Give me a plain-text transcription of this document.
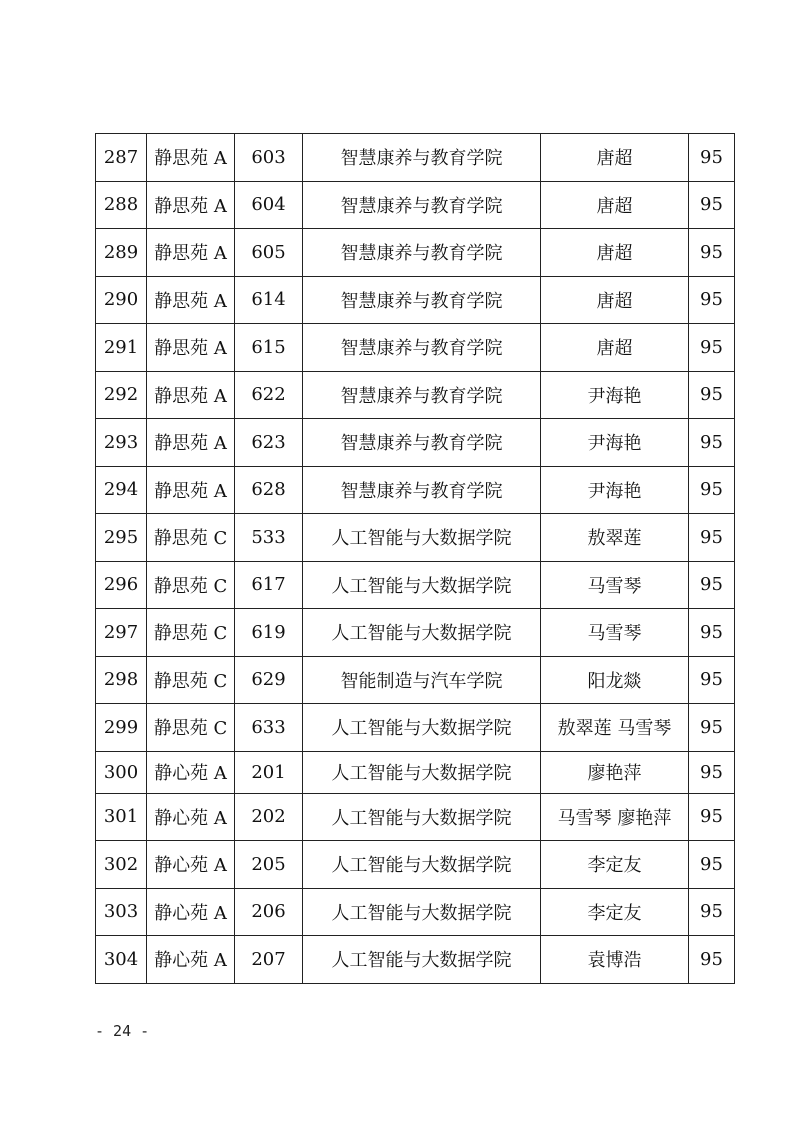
287	静思苑 A	603	智慧康养与教育学院	唐超	95
288	静思苑 A	604	智慧康养与教育学院	唐超	95
289	静思苑 A	605	智慧康养与教育学院	唐超	95
290	静思苑 A	614	智慧康养与教育学院	唐超	95
291	静思苑 A	615	智慧康养与教育学院	唐超	95
292	静思苑 A	622	智慧康养与教育学院	尹海艳	95
293	静思苑 A	623	智慧康养与教育学院	尹海艳	95
294	静思苑 A	628	智慧康养与教育学院	尹海艳	95
295	静思苑 C	533	人工智能与大数据学院	敖翠莲	95
296	静思苑 C	617	人工智能与大数据学院	马雪琴	95
297	静思苑 C	619	人工智能与大数据学院	马雪琴	95
298	静思苑 C	629	智能制造与汽车学院	阳龙燚	95
299	静思苑 C	633	人工智能与大数据学院	敖翠莲 马雪琴	95
300	静心苑 A	201	人工智能与大数据学院	廖艳萍	95
301	静心苑 A	202	人工智能与大数据学院	马雪琴 廖艳萍	95
302	静心苑 A	205	人工智能与大数据学院	李定友	95
303	静心苑 A	206	人工智能与大数据学院	李定友	95
304	静心苑 A	207	人工智能与大数据学院	袁博浩	95
- 24 -
